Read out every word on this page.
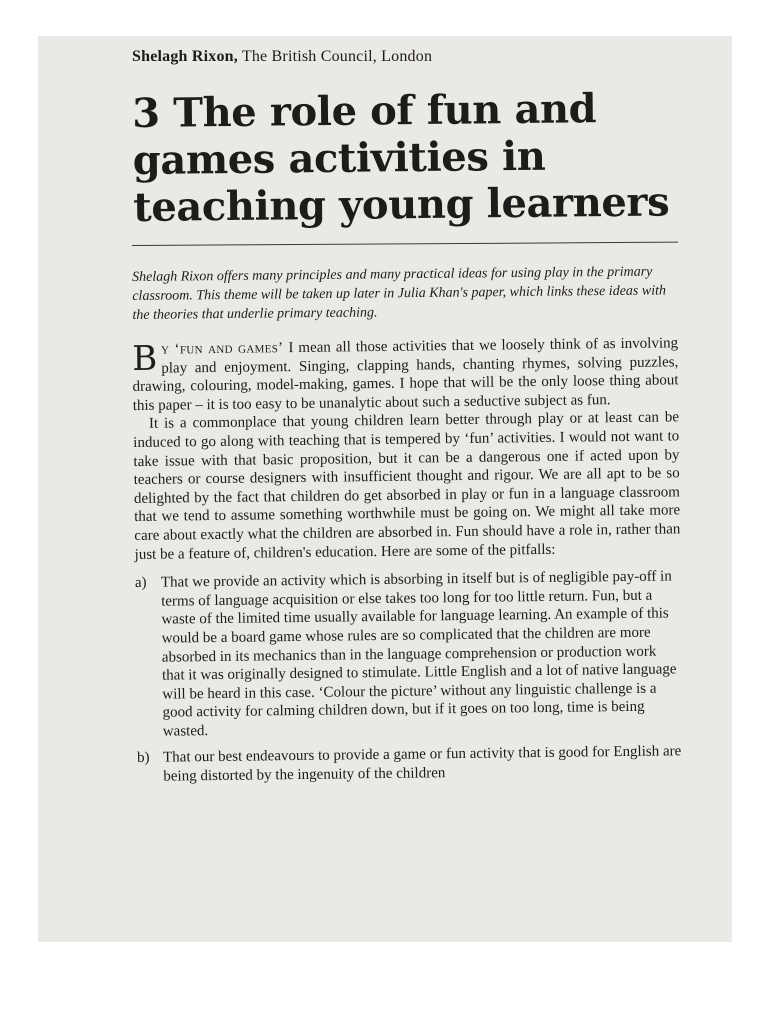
Shelagh Rixon, The British Council, London

3 The role of fun and games activities in teaching young learners

Shelagh Rixon offers many principles and many practical ideas for using play in the primary classroom. This theme will be taken up later in Julia Khan's paper, which links these ideas with the theories that underlie primary teaching.

By ‘fun and games’ I mean all those activities that we loosely think of as involving play and enjoyment. Singing, clapping hands, chanting rhymes, solving puzzles, drawing, colouring, model-making, games. I hope that will be the only loose thing about this paper – it is too easy to be unanalytic about such a seductive subject as fun.

It is a commonplace that young children learn better through play or at least can be induced to go along with teaching that is tempered by ‘fun’ activities. I would not want to take issue with that basic proposition, but it can be a dangerous one if acted upon by teachers or course designers with insufficient thought and rigour. We are all apt to be so delighted by the fact that children do get absorbed in play or fun in a language classroom that we tend to assume something worthwhile must be going on. We might all take more care about exactly what the children are absorbed in. Fun should have a role in, rather than just be a feature of, children's education. Here are some of the pitfalls:

a) That we provide an activity which is absorbing in itself but is of negligible pay-off in terms of language acquisition or else takes too long for too little return. Fun, but a waste of the limited time usually available for language learning. An example of this would be a board game whose rules are so complicated that the children are more absorbed in its mechanics than in the language comprehension or production work that it was originally designed to stimulate. Little English and a lot of native language will be heard in this case. ‘Colour the picture’ without any linguistic challenge is a good activity for calming children down, but if it goes on too long, time is being wasted.
b) That our best endeavours to provide a game or fun activity that is good for English are being distorted by the ingenuity of the children
